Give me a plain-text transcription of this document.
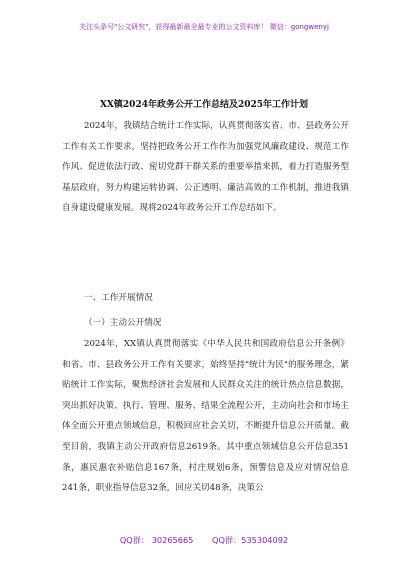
关注头条号"公文研究"，获得最新最全最专业的公文资料库！ 微信：gongwenyj
XX镇2024年政务公开工作总结及2025年工作计划
2024年，我镇结合统计工作实际，认真贯彻落实省、市、县政务公开工作有关工作要求，坚持把政务公开工作作为加强党风廉政建设、规范工作作风、促进依法行政、密切党群干群关系的重要举措来抓，着力打造服务型基层政府，努力构建运转协调、公正透明、廉洁高效的工作机制，推进我镇自身建设健康发展。现将2024年政务公开工作总结如下。
一、工作开展情况
（一）主动公开情况
2024年，XX镇认真贯彻落实《中华人民共和国政府信息公开条例》和省、市、县政务公开工作有关要求，始终坚持"统计为民"的服务理念，紧贴统计工作实际，聚焦经济社会发展和人民群众关注的统计热点信息数据，突出抓好决策、执行、管理、服务、结果全流程公开，主动向社会和市场主体全面公开重点领域信息，积极回应社会关切，不断提升信息公开质量。截至目前，我镇主动公开政府信息2619条。其中重点领域信息公开信息351条，惠民惠农补贴信息167条，村庄规划6条，预警信息及应对情况信息241条，职业指导信息32条，回应关切48条，决策公
QQ群： 30265665 QQ群：535304092
